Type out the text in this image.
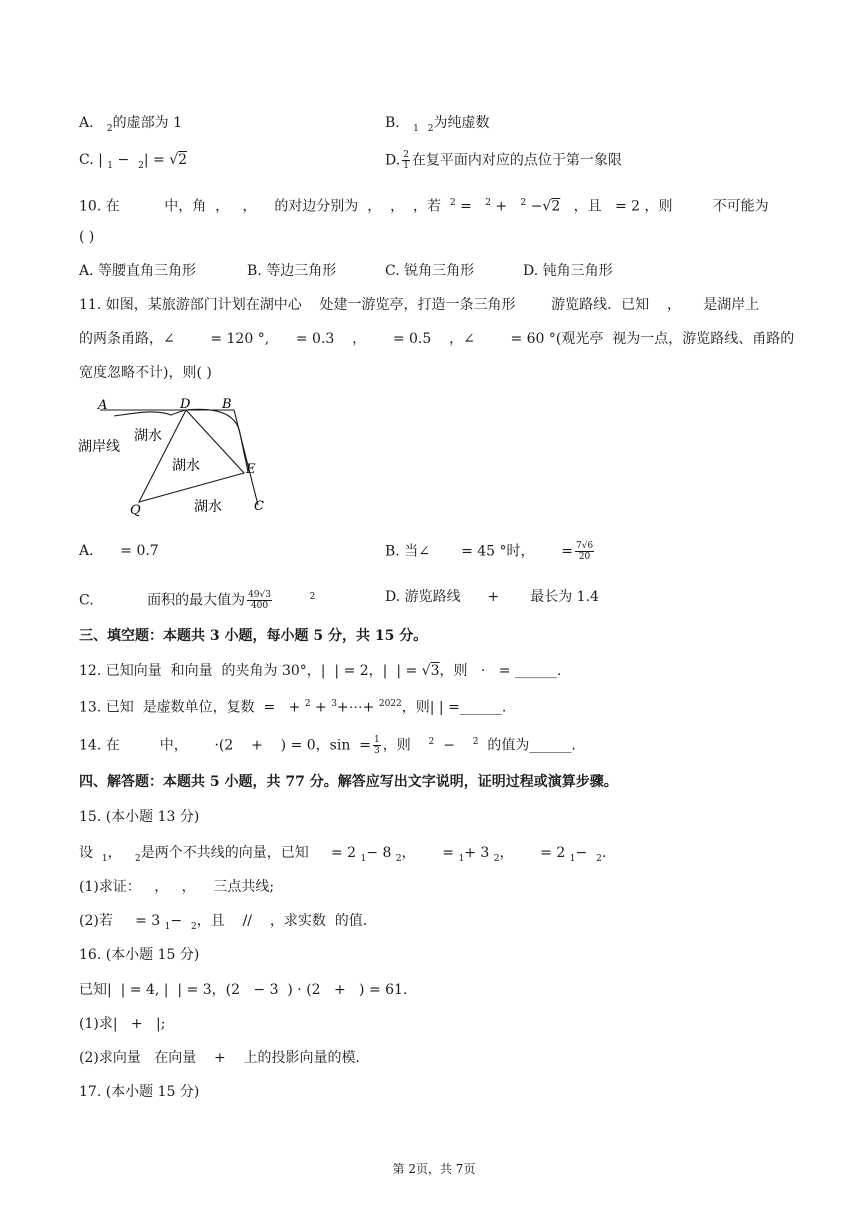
A. $_2$的虚部为 1	B. $_1$ $_2$为纯虚数
C. | $_1$ − $_2$| = √2	D. $\frac{2}{1}$ 在复平面内对应的点位于第一象限
10. 在	中，角 ， ， 的对边分别为 ， ， ，若 $^2$ = $^2$ + $^2$ −√2 ，且 = 2 ，则	不可能为
( )
A. 等腰直角三角形	B. 等边三角形	C. 锐角三角形	D. 钝角三角形
11. 如图，某旅游部门计划在湖中心 处建一游览亭，打造一条三角形	游览路线．已知 ， 是湖岸上
的两条甬路，∠	= 120 °, = 0.3 ， = 0.5 ，∠	= 60 °(观光亭 视为一点，游览路线、甬路的
宽度忽略不计)，则( )
A	D B
E
Q	C
湖岸线
湖水
湖水
湖水
A. = 0.7	B. 当∠ = 45 °时， = $\frac{7√6}{20}$
C.	面积的最大值为 $\frac{49√3}{400}$	$^2$	D. 游览路线 + 最长为 1.4
三、填空题：本题共 3 小题，每小题 5 分，共 15 分。
12. 已知向量 和向量 的夹角为 30°，| | = 2，| | = √3，则 · = ______.
13. 已知 是虚数单位，复数 = + $^2$ + $^3$+⋯+ $^{2022}$，则| | =______.
14. 在	中， ·(2 + ) = 0，$\sin = \frac{1}{3}$ ，则 $^2$ − $^2$ 的值为______.
四、解答题：本题共 5 小题，共 77 分。解答应写出文字说明，证明过程或演算步骤。
15. (本小题 13 分)
设 $_1$， $_2$是两个不共线的向量，已知 = 2 $_1$− 8 $_2$， = $_1$+ 3 $_2$， = 2 $_1$− $_2$.
(1)求证： ， ， 三点共线;
(2)若 = 3 $_1$− $_2$，且 // ，求实数 的值.
16. (本小题 15 分)
已知| | = 4, | | = 3，(2 − 3 ) · (2 + ) = 61.
(1)求| + |;
(2)求向量 在向量 + 上的投影向量的模.
17. (本小题 15 分)
第 2页，共 7页
